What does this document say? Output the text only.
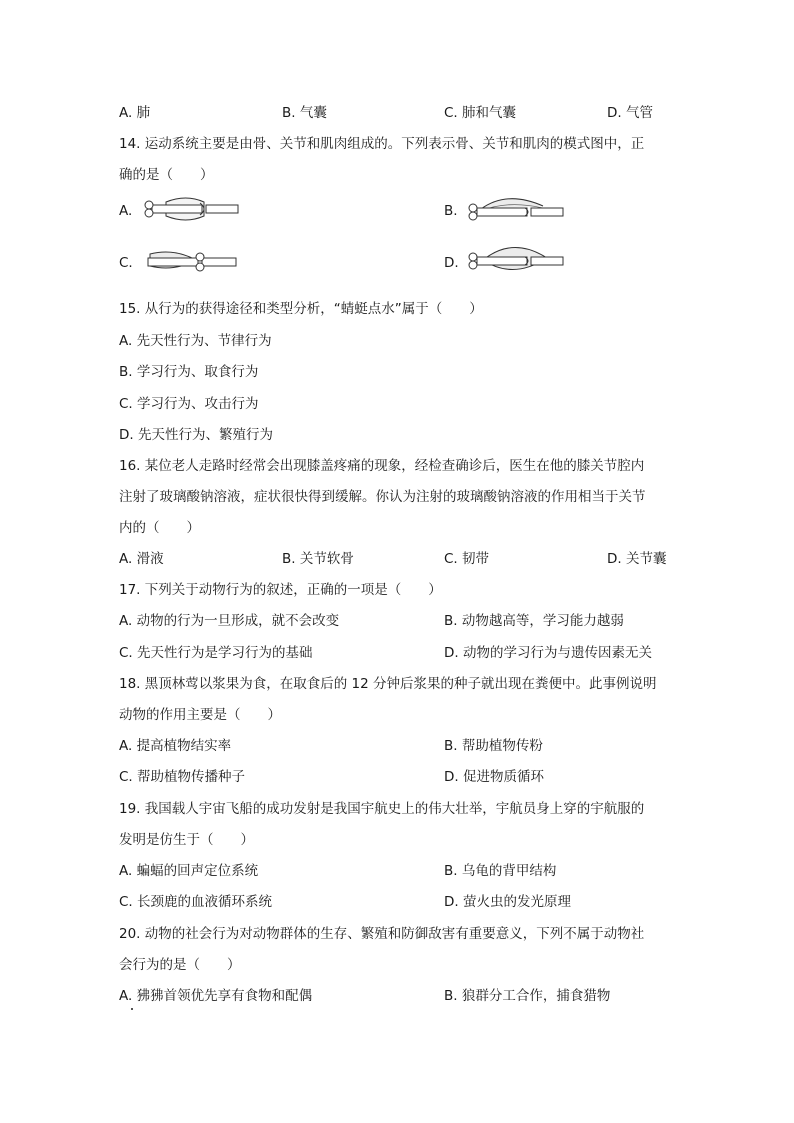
A. 肺	B. 气囊	C. 肺和气囊	D. 气管
14. 运动系统主要是由骨、关节和肌肉组成的。下列表示骨、关节和肌肉的模式图中，正
确的是（　　）
A.	B.
C.	D.
15. 从行为的获得途径和类型分析，“蜻蜓点水”属于（　　）
A. 先天性行为、节律行为
B. 学习行为、取食行为
C. 学习行为、攻击行为
D. 先天性行为、繁殖行为
16. 某位老人走路时经常会出现膝盖疼痛的现象，经检查确诊后，医生在他的膝关节腔内
注射了玻璃酸钠溶液，症状很快得到缓解。你认为注射的玻璃酸钠溶液的作用相当于关节
内的（　　）
A. 滑液	B. 关节软骨	C. 韧带	D. 关节囊
17. 下列关于动物行为的叙述，正确的一项是（　　）
A. 动物的行为一旦形成，就不会改变	B. 动物越高等，学习能力越弱
C. 先天性行为是学习行为的基础	D. 动物的学习行为与遗传因素无关
18. 黑顶林莺以浆果为食，在取食后的 12 分钟后浆果的种子就出现在粪便中。此事例说明
动物的作用主要是（　　）
A. 提高植物结实率	B. 帮助植物传粉
C. 帮助植物传播种子	D. 促进物质循环
19. 我国载人宇宙飞船的成功发射是我国宇航史上的伟大壮举，宇航员身上穿的宇航服的
发明是仿生于（　　）
A. 蝙蝠的回声定位系统	B. 乌龟的背甲结构
C. 长颈鹿的血液循环系统	D. 萤火虫的发光原理
20. 动物的社会行为对动物群体的生存、繁殖和防御敌害有重要意义，下列不属于动物社
会行为的是（　　）
A. 狒狒首领优先享有食物和配偶	B. 狼群分工合作，捕食猎物
